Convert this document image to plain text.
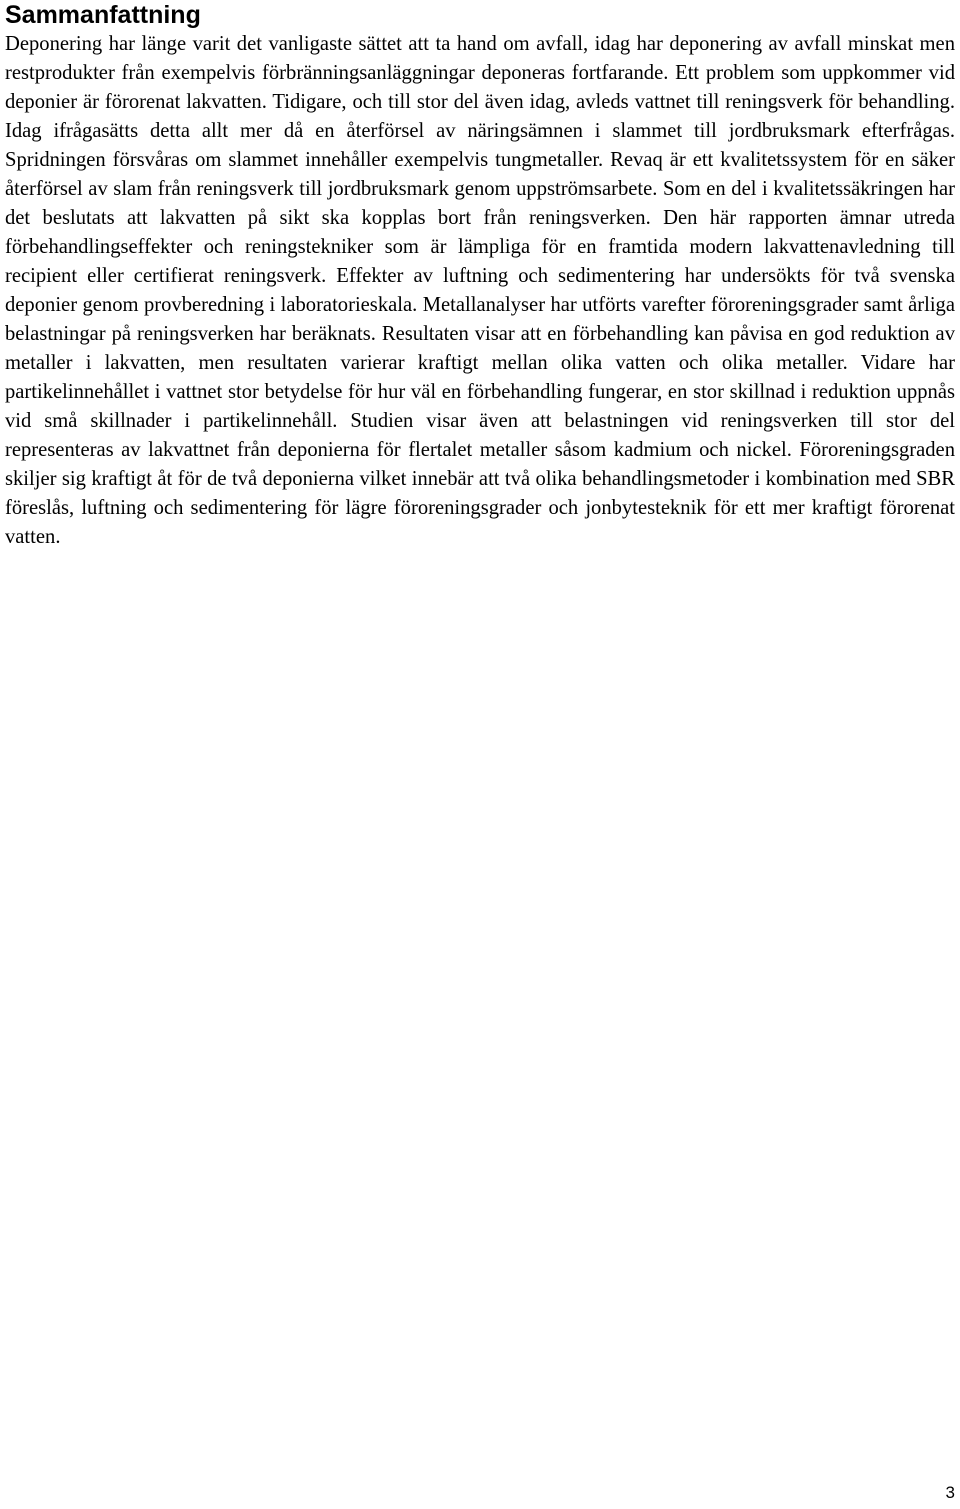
Sammanfattning

Deponering har länge varit det vanligaste sättet att ta hand om avfall, idag har deponering av avfall minskat men restprodukter från exempelvis förbränningsanläggningar deponeras fortfarande. Ett problem som uppkommer vid deponier är förorenat lakvatten. Tidigare, och till stor del även idag, avleds vattnet till reningsverk för behandling. Idag ifrågasätts detta allt mer då en återförsel av näringsämnen i slammet till jordbruksmark efterfrågas. Spridningen försvåras om slammet innehåller exempelvis tungmetaller. Revaq är ett kvalitetssystem för en säker återförsel av slam från reningsverk till jordbruksmark genom uppströmsarbete. Som en del i kvalitetssäkringen har det beslutats att lakvatten på sikt ska kopplas bort från reningsverken. Den här rapporten ämnar utreda förbehandlingseffekter och reningstekniker som är lämpliga för en framtida modern lakvattenavledning till recipient eller certifierat reningsverk. Effekter av luftning och sedimentering har undersökts för två svenska deponier genom provberedning i laboratorieskala. Metallanalyser har utförts varefter föroreningsgrader samt årliga belastningar på reningsverken har beräknats. Resultaten visar att en förbehandling kan påvisa en god reduktion av metaller i lakvatten, men resultaten varierar kraftigt mellan olika vatten och olika metaller. Vidare har partikelinnehållet i vattnet stor betydelse för hur väl en förbehandling fungerar, en stor skillnad i reduktion uppnås vid små skillnader i partikelinnehåll. Studien visar även att belastningen vid reningsverken till stor del representeras av lakvattnet från deponierna för flertalet metaller såsom kadmium och nickel. Föroreningsgraden skiljer sig kraftigt åt för de två deponierna vilket innebär att två olika behandlingsmetoder i kombination med SBR föreslås, luftning och sedimentering för lägre föroreningsgrader och jonbytesteknik för ett mer kraftigt förorenat vatten.

3
